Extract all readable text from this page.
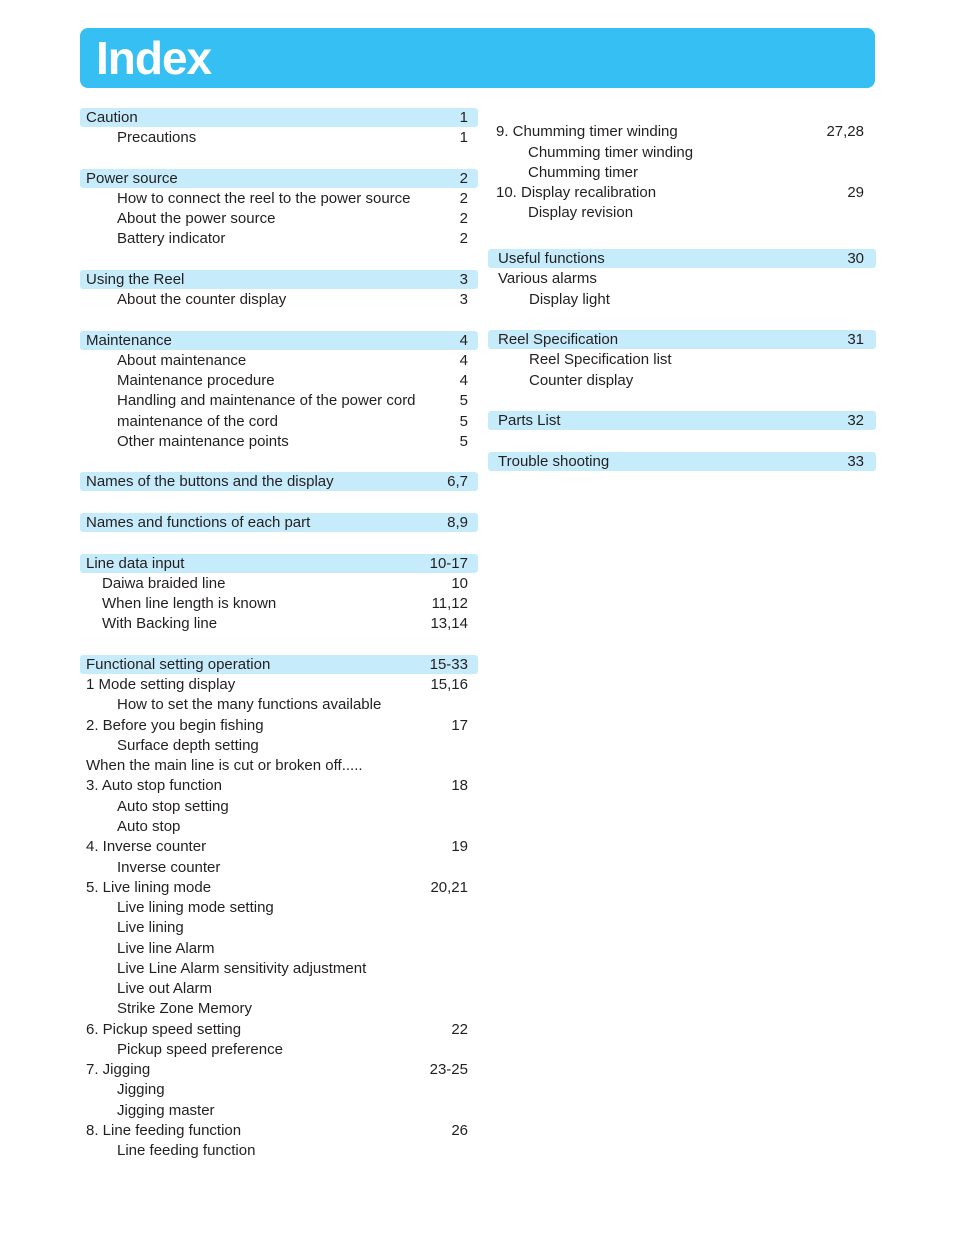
Index
Caution	1
Precautions	1
Power source	2
How to connect the reel to the power source	2
About the power source	2
Battery indicator	2
Using the Reel	3
About the counter display	3
Maintenance	4
About maintenance	4
Maintenance procedure	4
Handling and maintenance of the power cord	5
maintenance of the cord	5
Other maintenance points	5
Names of the buttons and the display	6,7
Names and functions of each part	8,9
Line data input	10-17
Daiwa braided line	10
When line length is known	11,12
With Backing line	13,14
Functional setting operation	15-33
1 Mode setting display	15,16
How to set the many functions available
2. Before you begin fishing	17
Surface depth setting
When the main line is cut or broken off.....
3. Auto stop function	18
Auto stop setting
Auto stop
4. Inverse counter	19
Inverse counter
5. Live lining mode	20,21
Live lining mode setting
Live lining
Live line Alarm
Live Line Alarm sensitivity adjustment
Live out Alarm
Strike Zone Memory
6. Pickup speed setting	22
Pickup speed preference
7. Jigging	23-25
Jigging
Jigging master
8. Line feeding function	26
Line feeding function
9. Chumming timer winding	27,28
Chumming timer winding
Chumming timer
10. Display recalibration	29
Display revision
Useful functions	30
Various alarms
Display light
Reel Specification	31
Reel Specification list
Counter display
Parts List	32
Trouble shooting	33
